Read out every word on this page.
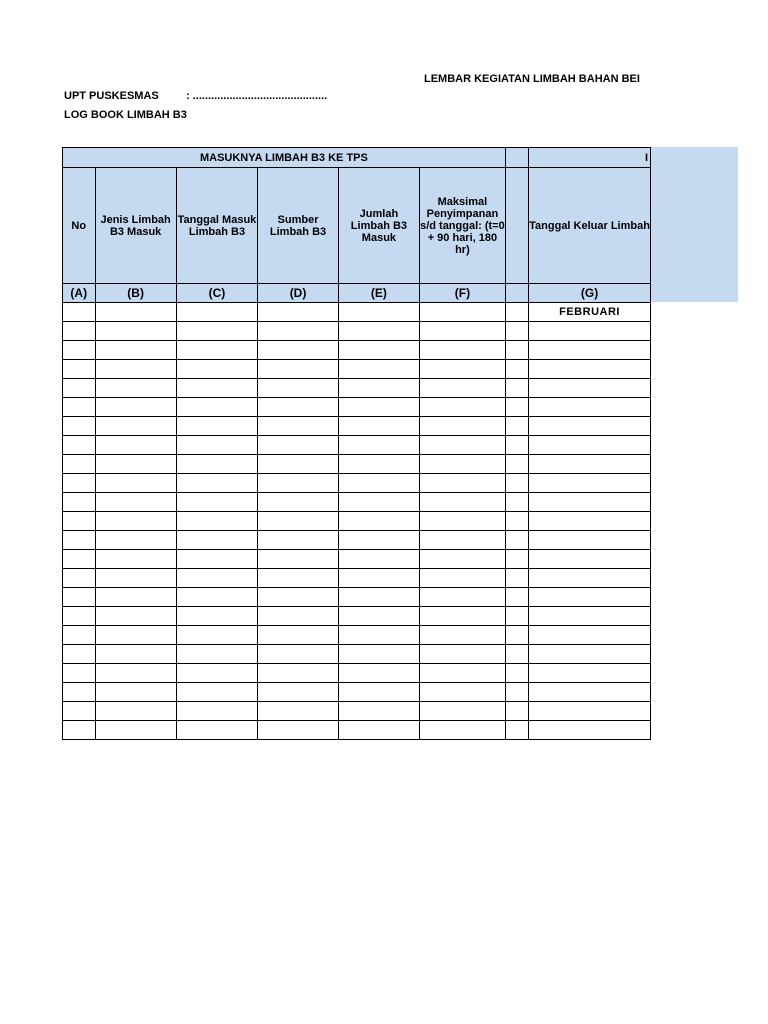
LEMBAR KEGIATAN LIMBAH BAHAN BEI
UPT PUSKESMAS : ............................................
LOG BOOK LIMBAH B3
MASUKNYA LIMBAH B3 KE TPS							I
No	Jenis Limbah B3 Masuk	Tanggal Masuk Limbah B3	Sumber Limbah B3	Jumlah Limbah B3 Masuk	Maksimal Penyimpanan s/d tanggal: (t=0 + 90 hari, 180 hr)		Tanggal Keluar Limbah
(A)	(B)	(C)	(D)	(E)	(F)		(G)
							FEBRUARI
